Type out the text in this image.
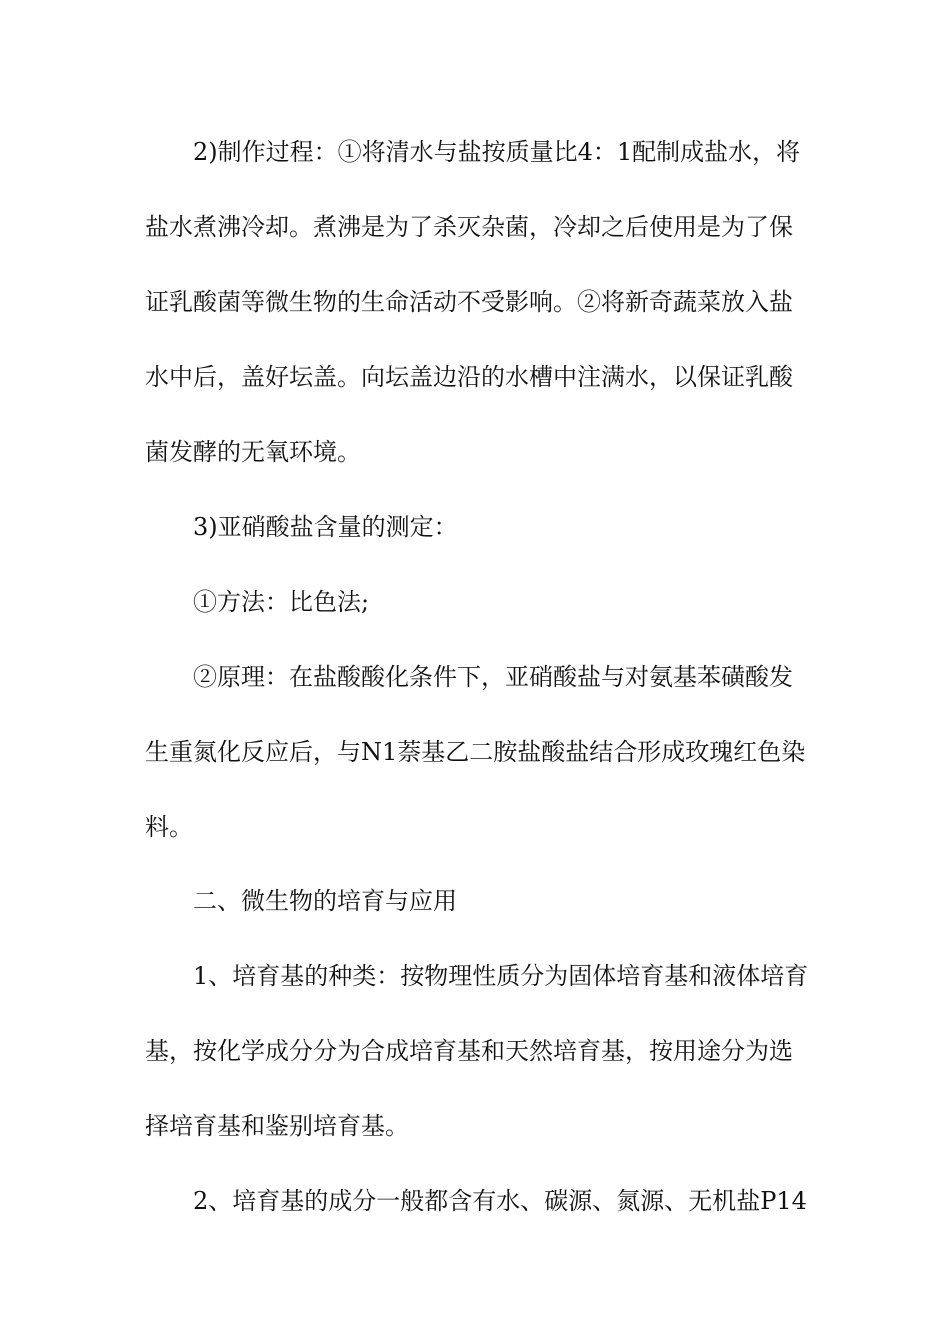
2)制作过程：①将清水与盐按质量比4：1配制成盐水，将
盐水煮沸冷却。煮沸是为了杀灭杂菌，冷却之后使用是为了保
证乳酸菌等微生物的生命活动不受影响。②将新奇蔬菜放入盐
水中后，盖好坛盖。向坛盖边沿的水槽中注满水，以保证乳酸
菌发酵的无氧环境。
3)亚硝酸盐含量的测定：
①方法：比色法;
②原理：在盐酸酸化条件下，亚硝酸盐与对氨基苯磺酸发
生重氮化反应后，与N1萘基乙二胺盐酸盐结合形成玫瑰红色染
料。
二、微生物的培育与应用
1、培育基的种类：按物理性质分为固体培育基和液体培育
基，按化学成分分为合成培育基和天然培育基，按用途分为选
择培育基和鉴别培育基。
2、培育基的成分一般都含有水、碳源、氮源、无机盐P14
